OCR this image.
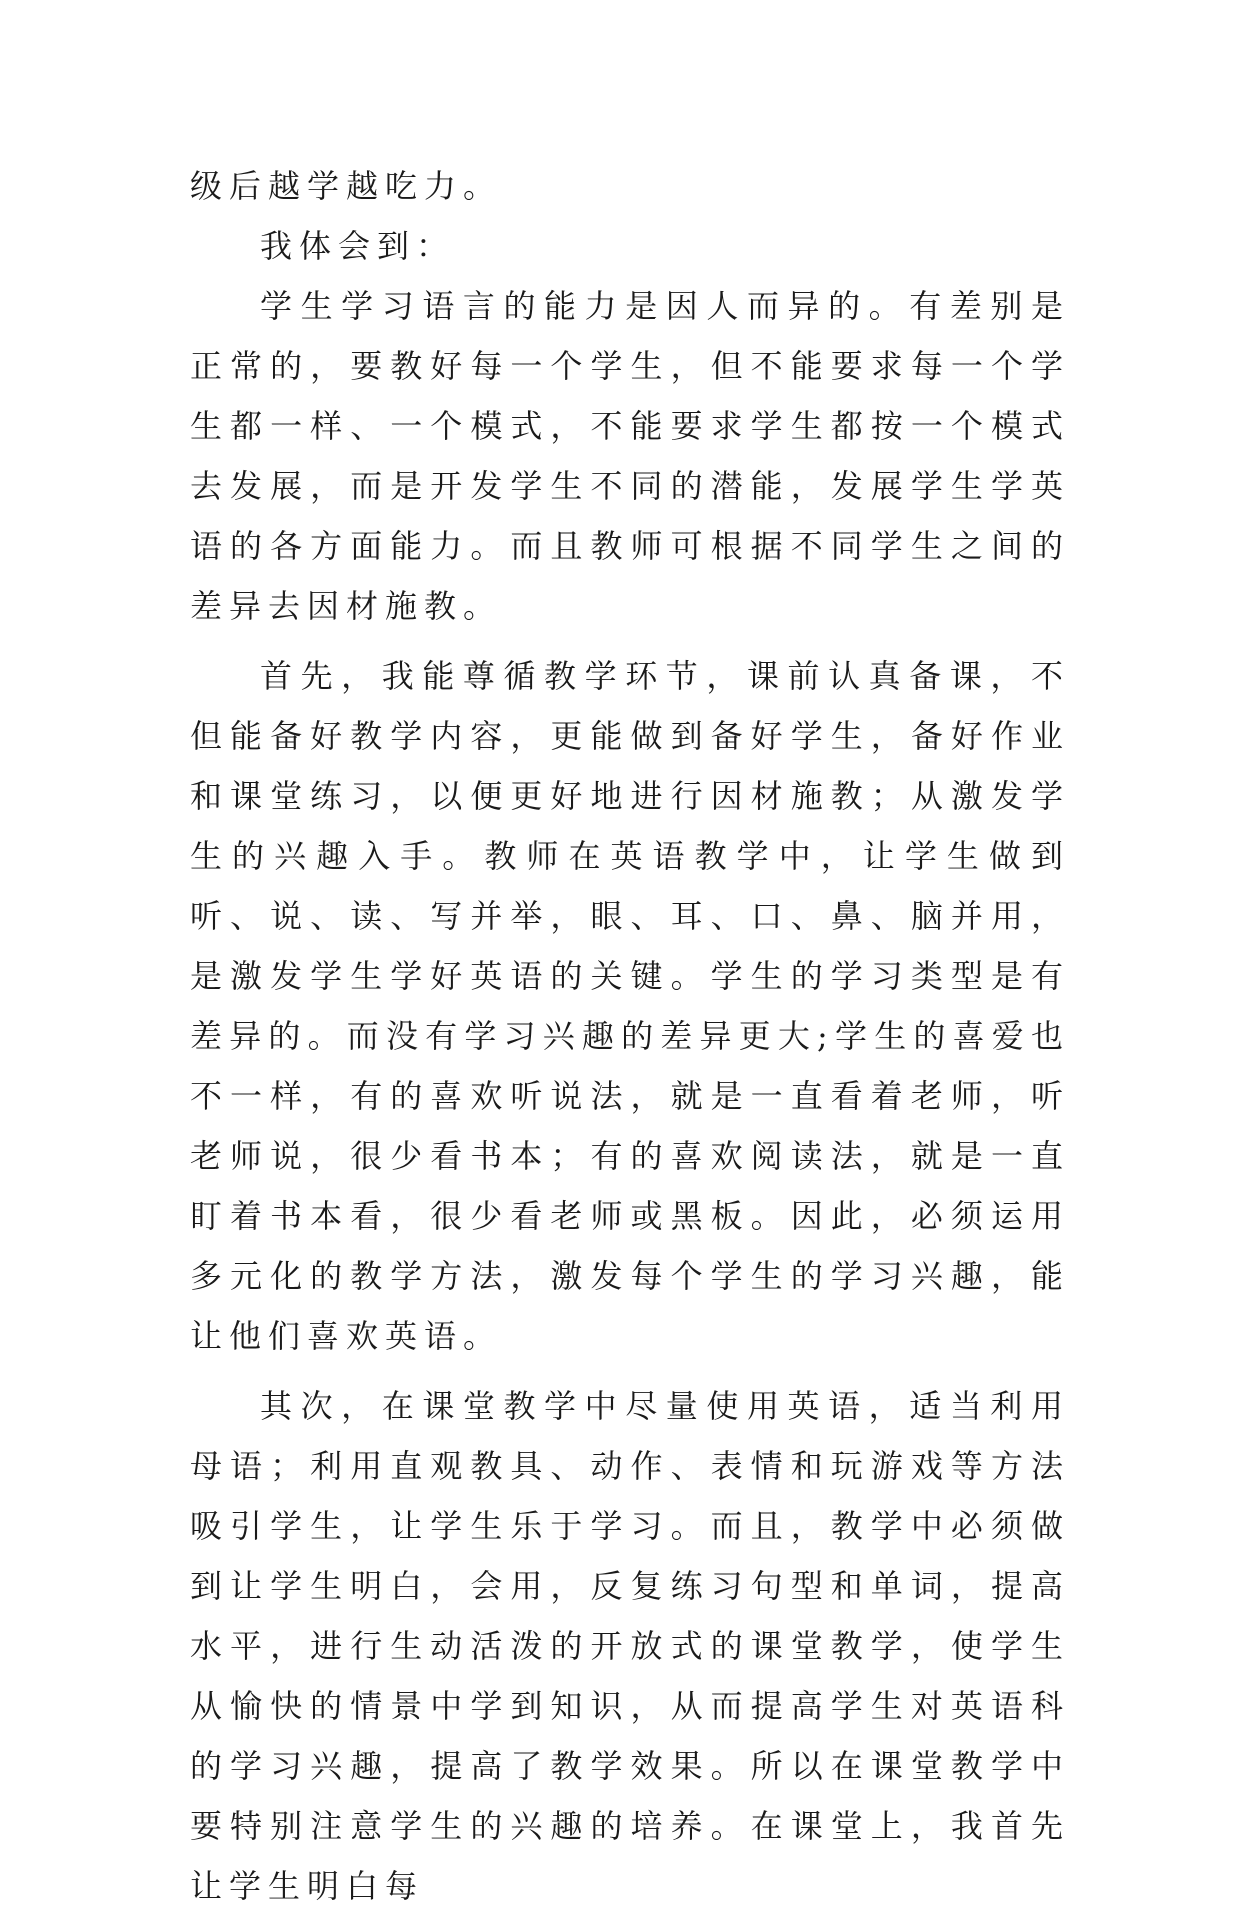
级后越学越吃力。

我体会到：

学生学习语言的能力是因人而异的。有差别是正常的，要教好每一个学生，但不能要求每一个学生都一样、一个模式，不能要求学生都按一个模式去发展，而是开发学生不同的潜能，发展学生学英语的各方面能力。而且教师可根据不同学生之间的差异去因材施教。

首先，我能尊循教学环节，课前认真备课，不但能备好教学内容，更能做到备好学生，备好作业和课堂练习，以便更好地进行因材施教；从激发学生的兴趣入手。教师在英语教学中，让学生做到听、说、读、写并举，眼、耳、口、鼻、脑并用，是激发学生学好英语的关键。学生的学习类型是有差异的。而没有学习兴趣的差异更大;学生的喜爱也不一样，有的喜欢听说法，就是一直看着老师，听老师说，很少看书本；有的喜欢阅读法，就是一直盯着书本看，很少看老师或黑板。因此，必须运用多元化的教学方法，激发每个学生的学习兴趣，能让他们喜欢英语。

其次，在课堂教学中尽量使用英语，适当利用母语；利用直观教具、动作、表情和玩游戏等方法吸引学生，让学生乐于学习。而且，教学中必须做到让学生明白，会用，反复练习句型和单词，提高水平，进行生动活泼的开放式的课堂教学，使学生从愉快的情景中学到知识，从而提高学生对英语科的学习兴趣，提高了教学效果。所以在课堂教学中要特别注意学生的兴趣的培养。在课堂上，我首先让学生明白每
